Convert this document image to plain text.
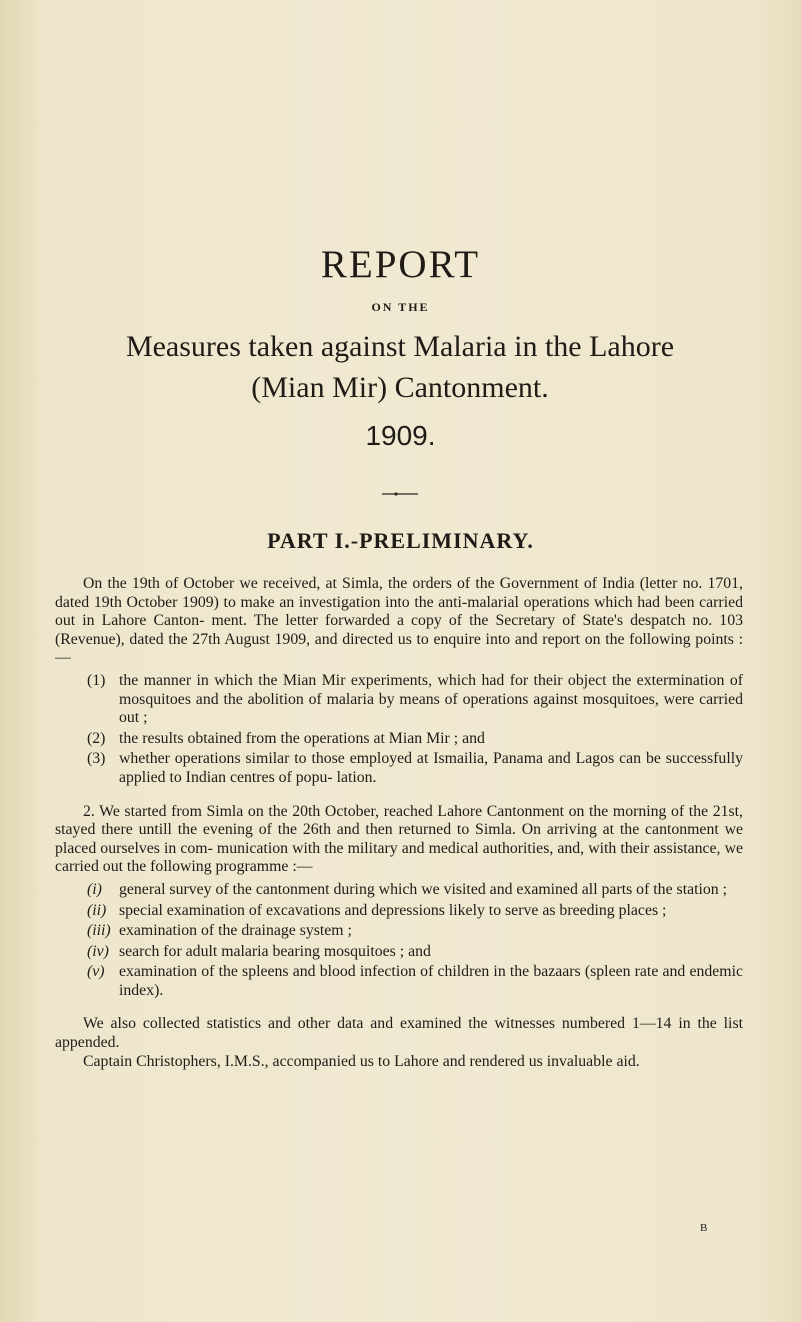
REPORT
ON THE
Measures taken against Malaria in the Lahore
(Mian Mir) Cantonment.
1909.
PART I.-PRELIMINARY.

On the 19th of October we received, at Simla, the orders of the Government of India (letter no. 1701, dated 19th October 1909) to make an investigation into the anti-malarial operations which had been carried out in Lahore Canton- ment. The letter forwarded a copy of the Secretary of State's despatch no. 103 (Revenue), dated the 27th August 1909, and directed us to enquire into and report on the following points :—

(1) the manner in which the Mian Mir experiments, which had for their object the extermination of mosquitoes and the abolition of malaria by means of operations against mosquitoes, were carried out ;
(2) the results obtained from the operations at Mian Mir ; and
(3) whether operations similar to those employed at Ismailia, Panama and Lagos can be successfully applied to Indian centres of popu- lation.

2. We started from Simla on the 20th October, reached Lahore Cantonment on the morning of the 21st, stayed there untill the evening of the 26th and then returned to Simla. On arriving at the cantonment we placed ourselves in com- munication with the military and medical authorities, and, with their assistance, we carried out the following programme :—

(i) general survey of the cantonment during which we visited and examined all parts of the station ;
(ii) special examination of excavations and depressions likely to serve as breeding places ;
(iii) examination of the drainage system ;
(iv) search for adult malaria bearing mosquitoes ; and
(v) examination of the spleens and blood infection of children in the bazaars (spleen rate and endemic index).

We also collected statistics and other data and examined the witnesses numbered 1—14 in the list appended.

Captain Christophers, I.M.S., accompanied us to Lahore and rendered us invaluable aid.

B
